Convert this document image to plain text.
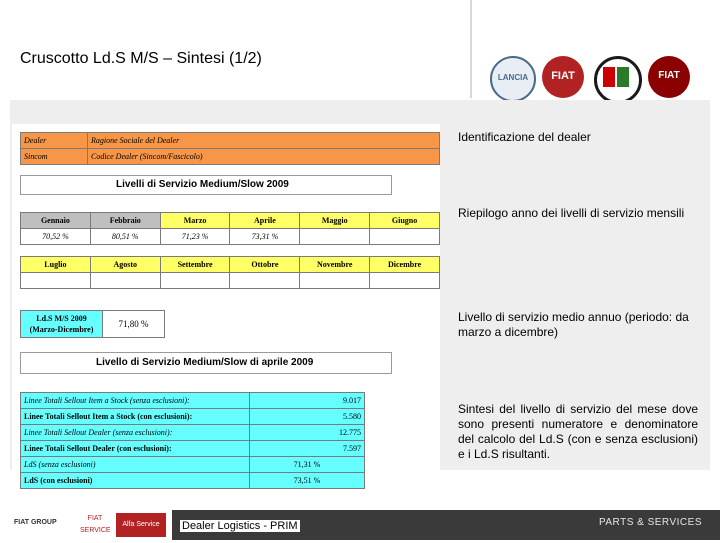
Cruscotto Ld.S M/S – Sintesi (1/2)
LANCIA	FIAT	FIAT
Dealer	Ragione Sociale del Dealer
Sincom	Codice Dealer (Sincom/Fascicolo)
Livelli di Servizio Medium/Slow 2009
Gennaio	Febbraio	Marzo	Aprile	Maggio	Giugno
70,52 %	80,51 %	71,23 %	73,31 %		
Luglio	Agosto	Settembre	Ottobre	Novembre	Dicembre

Ld.S M/S 2009
(Marzo-Dicembre)
	71,80 %
Livello di Servizio Medium/Slow di aprile 2009
Linee Totali Sellout Item a Stock (senza esclusioni):	9.017
Linee Totali Sellout Item a Stock (con esclusioni):	5.580
Linee Totali Sellout Dealer (senza esclusioni):	12.775
Linee Totali Sellout Dealer (con esclusioni):	7.597
LdS (senza esclusioni)	71,31 %
LdS (con esclusioni)	73,51 %
Identificazione del dealer
Riepilogo anno dei livelli di servizio mensili
Livello di servizio medio annuo (periodo: da marzo a dicembre)
Sintesi del livello di servizio del mese dove sono presenti numeratore e denominatore del calcolo del Ld.S (con e senza esclusioni) e i Ld.S risultanti.
FIAT GROUP
FIAT SERVICE
Alfa Service	Dealer Logistics - PRIM	PARTS & SERVICES
